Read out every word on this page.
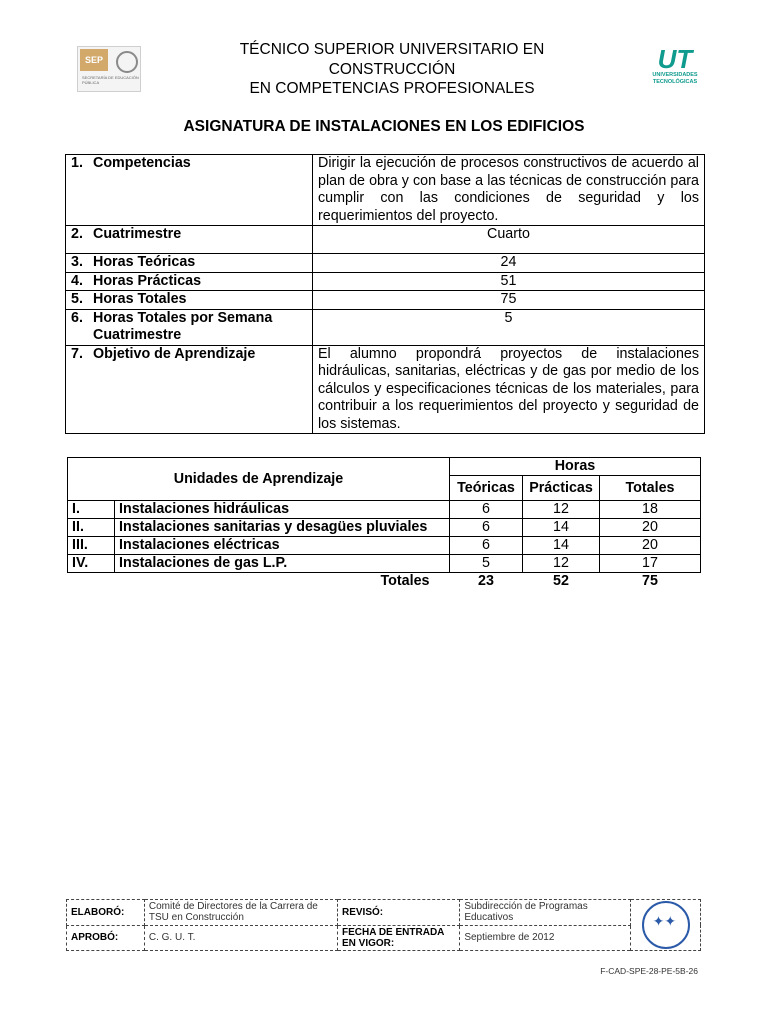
SEP
SECRETARÍA DE EDUCACIÓN PÚBLICA
TÉCNICO SUPERIOR UNIVERSITARIO EN
CONSTRUCCIÓN
EN COMPETENCIAS PROFESIONALES
UT
UNIVERSIDADES
TECNOLÓGICAS
ASIGNATURA DE INSTALACIONES EN LOS EDIFICIOS
1. Competencias	Dirigir la ejecución de procesos constructivos de acuerdo al plan de obra y con base a las técnicas de construcción para cumplir con las condiciones de seguridad y los requerimientos del proyecto.
2. Cuatrimestre	Cuarto
3. Horas Teóricas	24
4. Horas Prácticas	51
5. Horas Totales	75
6. Horas Totales por Semana
Cuatrimestre	5
7. Objetivo de Aprendizaje	El alumno propondrá proyectos de instalaciones hidráulicas, sanitarias, eléctricas y de gas por medio de los cálculos y especificaciones técnicas de los materiales, para contribuir a los requerimientos del proyecto y seguridad de los sistemas.
Unidades de Aprendizaje		Horas		
		Teóricas	Prácticas	Totales
I.	Instalaciones hidráulicas	6	12	18
II.	Instalaciones sanitarias y desagües pluviales	6	14	20
III.	Instalaciones eléctricas	6	14	20
IV.	Instalaciones de gas L.P.	5	12	17
Totales		23	52	75
ELABORÓ:	Comité de Directores de la Carrera de TSU en Construcción	REVISÓ:	Subdirección de Programas Educativos	✦✦

APROBÓ:	C. G. U. T.	FECHA DE ENTRADA EN VIGOR:	Septiembre de 2012	
F-CAD-SPE-28-PE-5B-26
